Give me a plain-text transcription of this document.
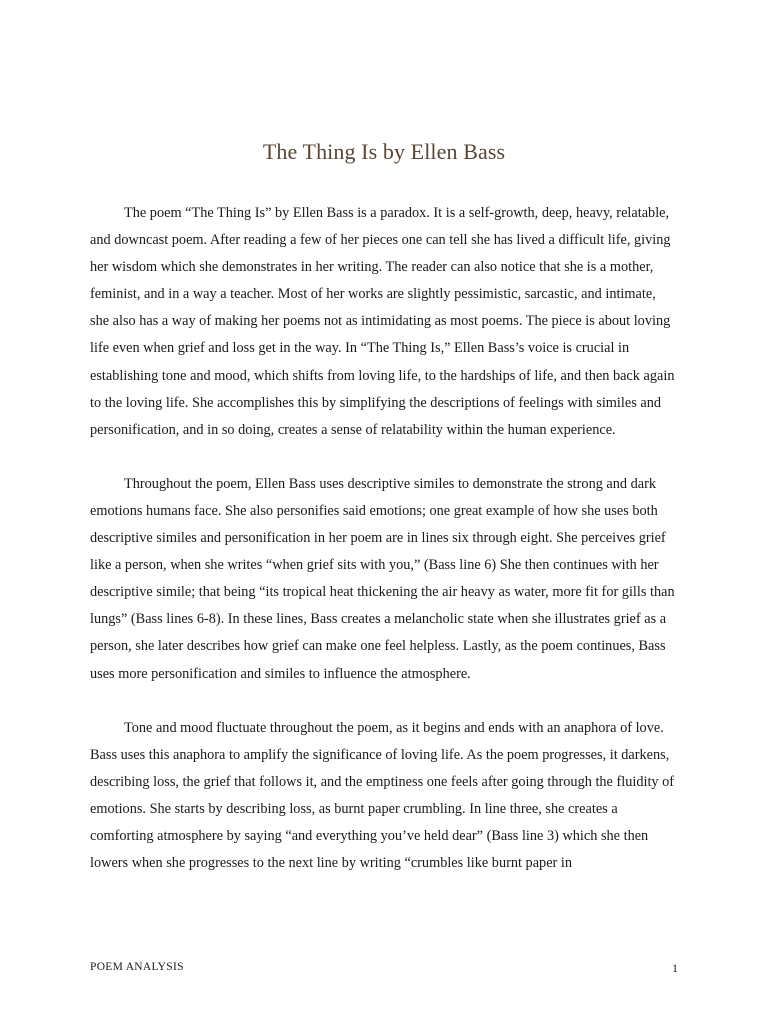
The Thing Is by Ellen Bass

The poem “The Thing Is” by Ellen Bass is a paradox. It is a self-growth, deep, heavy, relatable, and downcast poem. After reading a few of her pieces one can tell she has lived a difficult life, giving her wisdom which she demonstrates in her writing. The reader can also notice that she is a mother, feminist, and in a way a teacher. Most of her works are slightly pessimistic, sarcastic, and intimate, she also has a way of making her poems not as intimidating as most poems. The piece is about loving life even when grief and loss get in the way. In “The Thing Is,” Ellen Bass’s voice is crucial in establishing tone and mood, which shifts from loving life, to the hardships of life, and then back again to the loving life. She accomplishes this by simplifying the descriptions of feelings with similes and personification, and in so doing, creates a sense of relatability within the human experience.

Throughout the poem, Ellen Bass uses descriptive similes to demonstrate the strong and dark emotions humans face. She also personifies said emotions; one great example of how she uses both descriptive similes and personification in her poem are in lines six through eight. She perceives grief like a person, when she writes “when grief sits with you,” (Bass line 6) She then continues with her descriptive simile; that being “its tropical heat thickening the air heavy as water, more fit for gills than lungs” (Bass lines 6-8). In these lines, Bass creates a melancholic state when she illustrates grief as a person, she later describes how grief can make one feel helpless. Lastly, as the poem continues, Bass uses more personification and similes to influence the atmosphere.

Tone and mood fluctuate throughout the poem, as it begins and ends with an anaphora of love. Bass uses this anaphora to amplify the significance of loving life. As the poem progresses, it darkens, describing loss, the grief that follows it, and the emptiness one feels after going through the fluidity of emotions. She starts by describing loss, as burnt paper crumbling. In line three, she creates a comforting atmosphere by saying “and everything you’ve held dear” (Bass line 3) which she then lowers when she progresses to the next line by writing “crumbles like burnt paper in

POEM ANALYSIS	1
